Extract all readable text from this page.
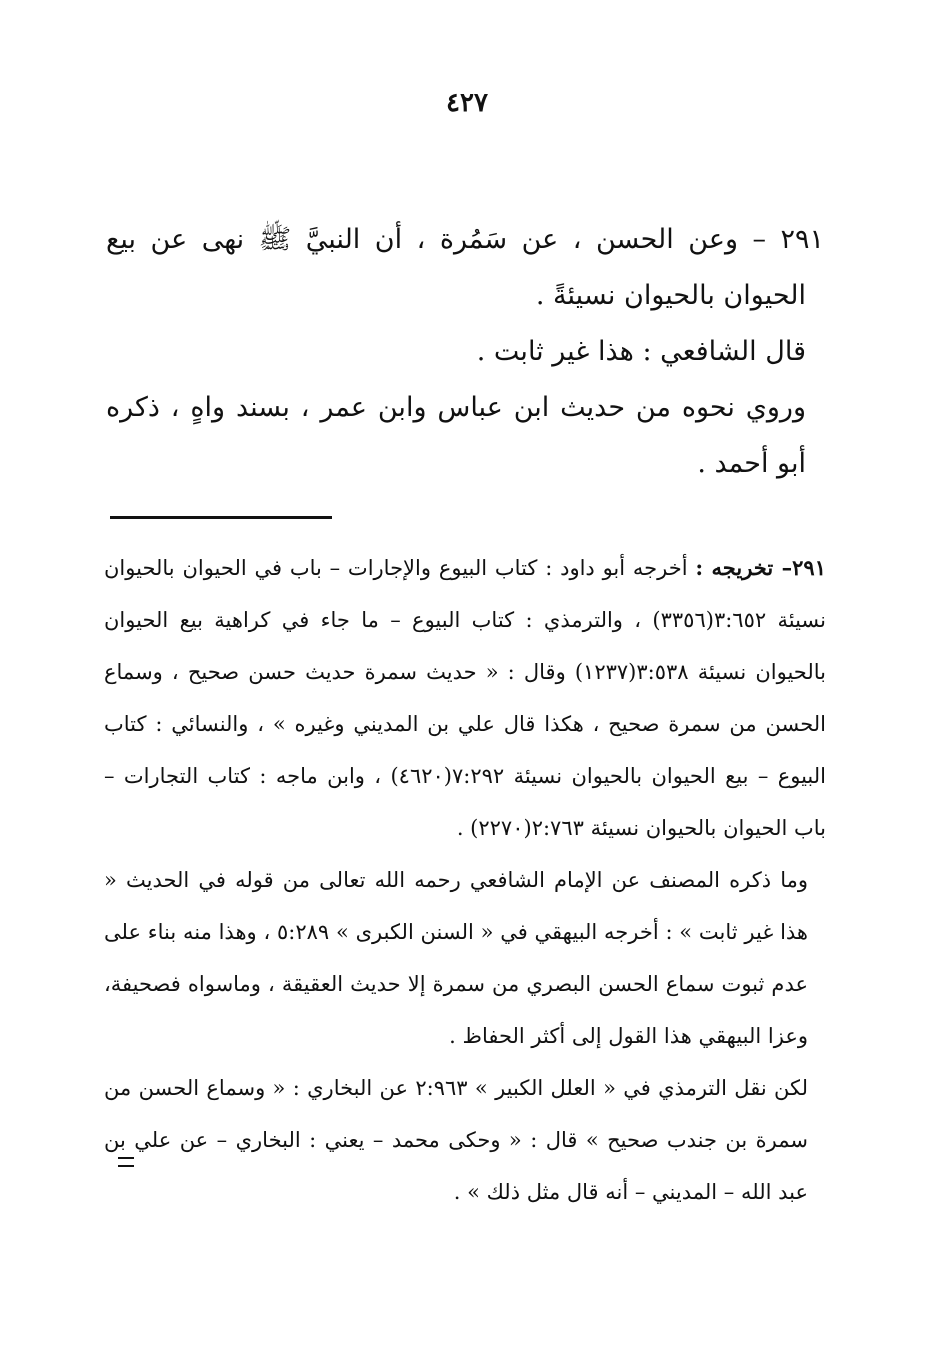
٤٢٧

٢٩١ – وعن الحسن ، عن سَمُرة ، أن النبيَّ ﷺ نهى عن بيع الحيوان بالحيوان نسيئةً .

قال الشافعي : هذا غير ثابت .

وروي نحوه من حديث ابن عباس وابن عمر ، بسند واهٍ ، ذكره أبو أحمد .

٢٩١– تخريجه : أخرجه أبو داود : كتاب البيوع والإجارات – باب في الحيوان بالحيوان نسيئة ٣:٦٥٢(٣٣٥٦) ، والترمذي : كتاب البيوع – ما جاء في كراهية بيع الحيوان بالحيوان نسيئة ٣:٥٣٨(١٢٣٧) وقال : « حديث سمرة حديث حسن صحيح ، وسماع الحسن من سمرة صحيح ، هكذا قال علي بن المديني وغيره » ، والنسائي : كتاب البيوع – بيع الحيوان بالحيوان نسيئة ٧:٢٩٢(٤٦٢٠) ، وابن ماجه : كتاب التجارات – باب الحيوان بالحيوان نسيئة ٢:٧٦٣(٢٢٧٠) .

وما ذكره المصنف عن الإمام الشافعي رحمه الله تعالى من قوله في الحديث « هذا غير ثابت » : أخرجه البيهقي في « السنن الكبرى » ٥:٢٨٩ ، وهذا منه بناء على عدم ثبوت سماع الحسن البصري من سمرة إلا حديث العقيقة ، وماسواه فصحيفة، وعزا البيهقي هذا القول إلى أكثر الحفاظ .

لكن نقل الترمذي في « العلل الكبير » ٢:٩٦٣ عن البخاري : « وسماع الحسن من سمرة بن جندب صحيح » قال : « وحكى محمد – يعني : البخاري – عن علي بن عبد الله – المديني – أنه قال مثل ذلك » .
